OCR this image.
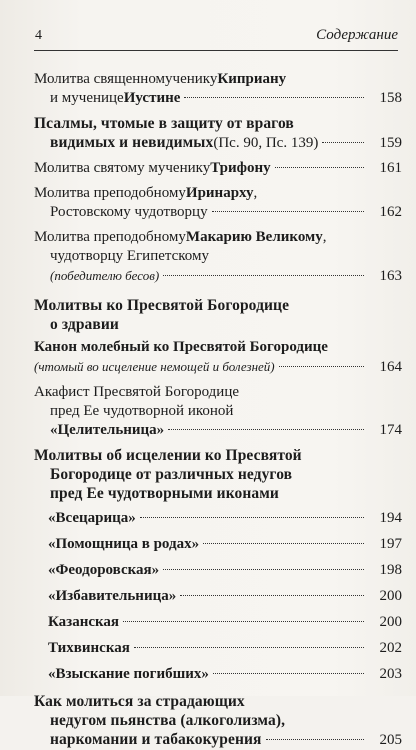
4	Содержание
Молитва священномученику Киприану
и мученице Иустине	158
Псалмы, чтомые в защиту от врагов
видимых и невидимых (Пс. 90, Пс. 139)	159
Молитва святому мученику Трифону	161
Молитва преподобному Иринарху ,
Ростовскому чудотворцу	162
Молитва преподобному Макарию Великому ,
чудотворцу Египетскому
(победителю бесов)	163
Молитвы ко Пресвятой Богородице
о здравии
Канон молебный ко Пресвятой Богородице
(чтомый во исцеление немощей и болезней)	164
Акафист Пресвятой Богородице
пред Ее чудотворной иконой
«Целительница»	174
Молитвы об исцелении ко Пресвятой
Богородице от различных недугов
пред Ее чудотворными иконами
«Всецарица»	194
«Помощница в родах»	197
«Феодоровская»	198
«Избавительница»	200
Казанская	200
Тихвинская	202
«Взыскание погибших»	203
Как молиться за страдающих
недугом пьянства (алкоголизма),
наркомании и табакокурения	205
